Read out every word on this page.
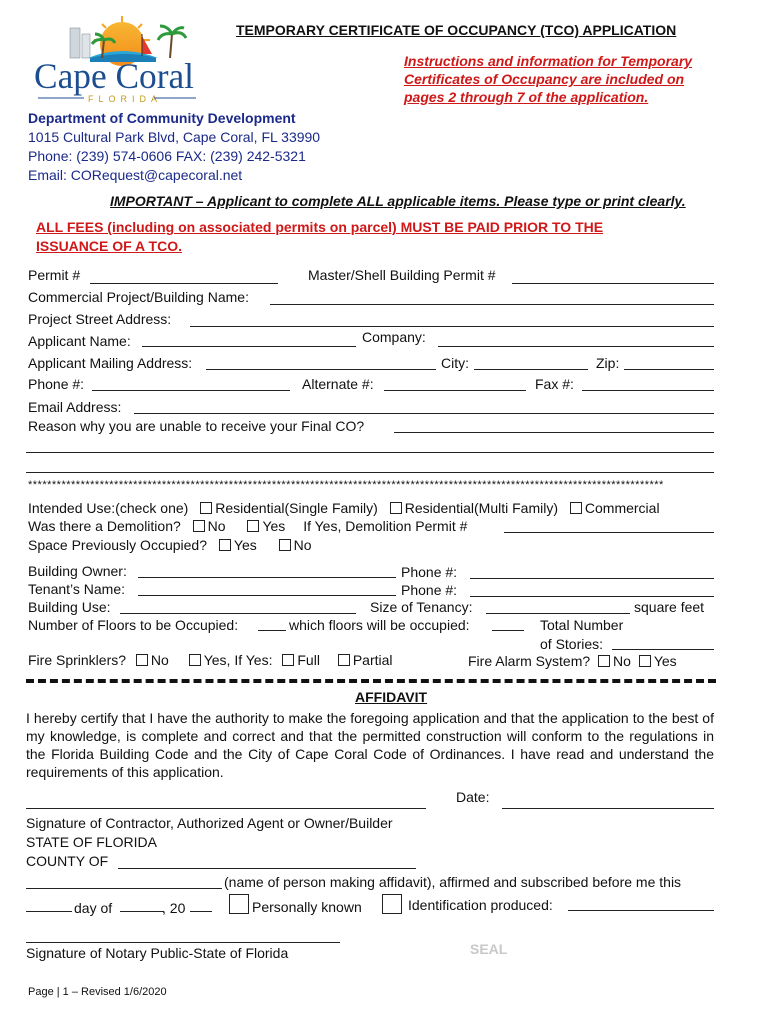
Cape Coral
FLORIDA
TEMPORARY CERTIFICATE OF OCCUPANCY (TCO) APPLICATION
Instructions and information for Temporary Certificates of Occupancy are included on pages 2 through 7 of the application.
Department of Community Development
1015 Cultural Park Blvd, Cape Coral, FL 33990
Phone: (239) 574-0606 FAX: (239) 242-5321
Email: CORequest@capecoral.net
IMPORTANT – Applicant to complete ALL applicable items. Please type or print clearly.
ALL FEES (including on associated permits on parcel) MUST BE PAID PRIOR TO THE ISSUANCE OF A TCO.
Permit #	Master/Shell Building Permit #
Commercial Project/Building Name:
Project Street Address:
Applicant Name:	Company:
Applicant Mailing Address:	City:	Zip:
Phone #:	Alternate #:	Fax #:
Email Address:
Reason why you are unable to receive your Final CO?
*************************************************************************************************************************************
Intended Use:(check one) Residential(Single Family) Residential(Multi Family) Commercial
Was there a Demolition? No	Yes If Yes, Demolition Permit #
Space Previously Occupied? Yes	No
Building Owner:	Phone #:
Tenant’s Name:	Phone #:
Building Use:	Size of Tenancy:	square feet
Number of Floors to be Occupied:	which floors will be occupied:	Total Number
of Stories:
Fire Sprinklers? No Yes, If Yes: Full Partial	Fire Alarm System? No Yes
AFFIDAVIT
I hereby certify that I have the authority to make the foregoing application and that the application to the best of my knowledge, is complete and correct and that the permitted construction will conform to the regulations in the Florida Building Code and the City of Cape Coral Code of Ordinances. I have read and understand the requirements of this application.
Date:
Signature of Contractor, Authorized Agent or Owner/Builder
STATE OF FLORIDA
COUNTY OF
(name of person making affidavit), affirmed and subscribed before me this
day of	, 20	Personally known	Identification produced:
Signature of Notary Public-State of Florida	SEAL
Page | 1 – Revised 1/6/2020
